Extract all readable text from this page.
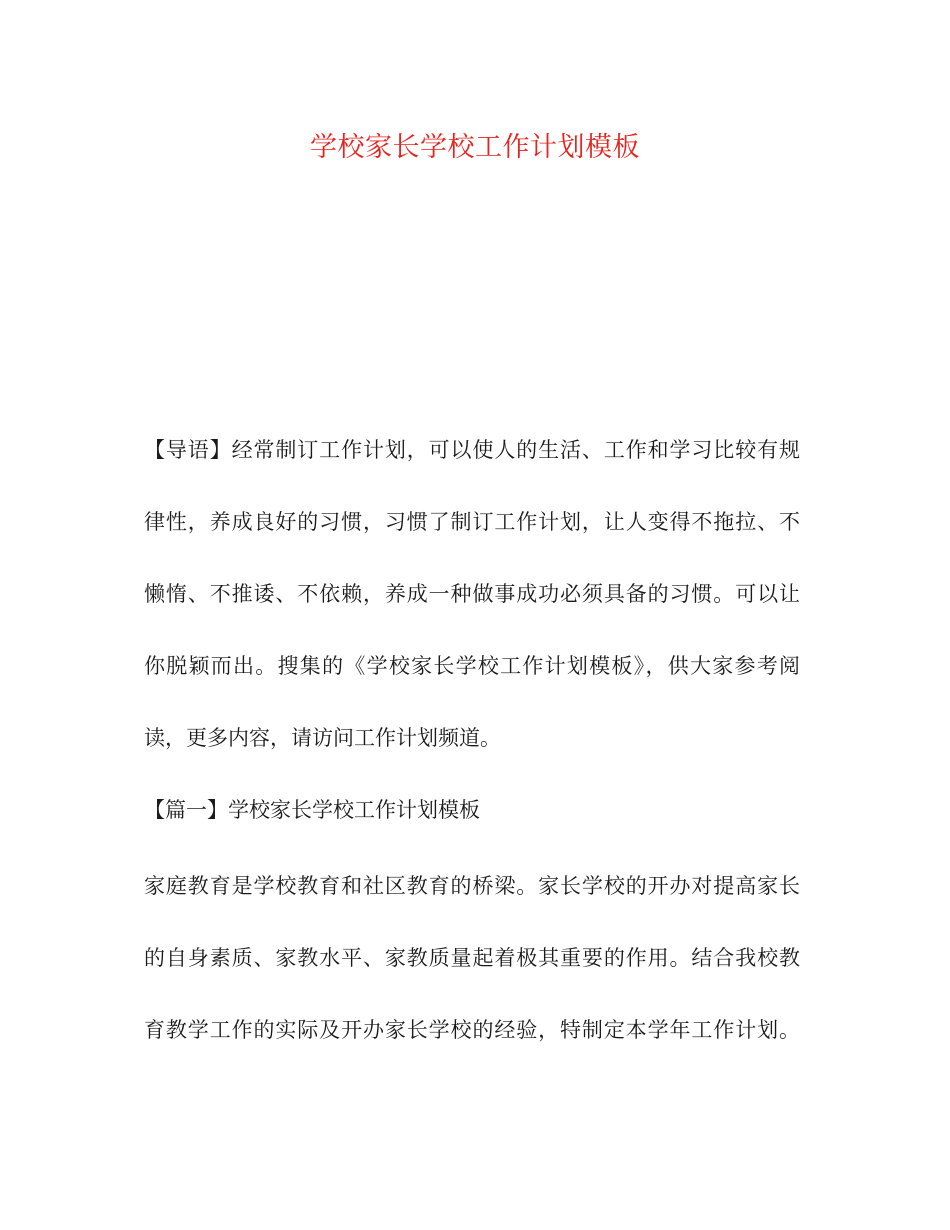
学校家长学校工作计划模板
【导语】经常制订工作计划，可以使人的生活、工作和学习比较有规
律性，养成良好的习惯，习惯了制订工作计划，让人变得不拖拉、不
懒惰、不推诿、不依赖，养成一种做事成功必须具备的习惯。可以让
你脱颖而出。搜集的《学校家长学校工作计划模板》，供大家参考阅
读，更多内容，请访问工作计划频道。
【篇一】学校家长学校工作计划模板
家庭教育是学校教育和社区教育的桥梁。家长学校的开办对提高家长
的自身素质、家教水平、家教质量起着极其重要的作用。结合我校教
育教学工作的实际及开办家长学校的经验，特制定本学年工作计划。
